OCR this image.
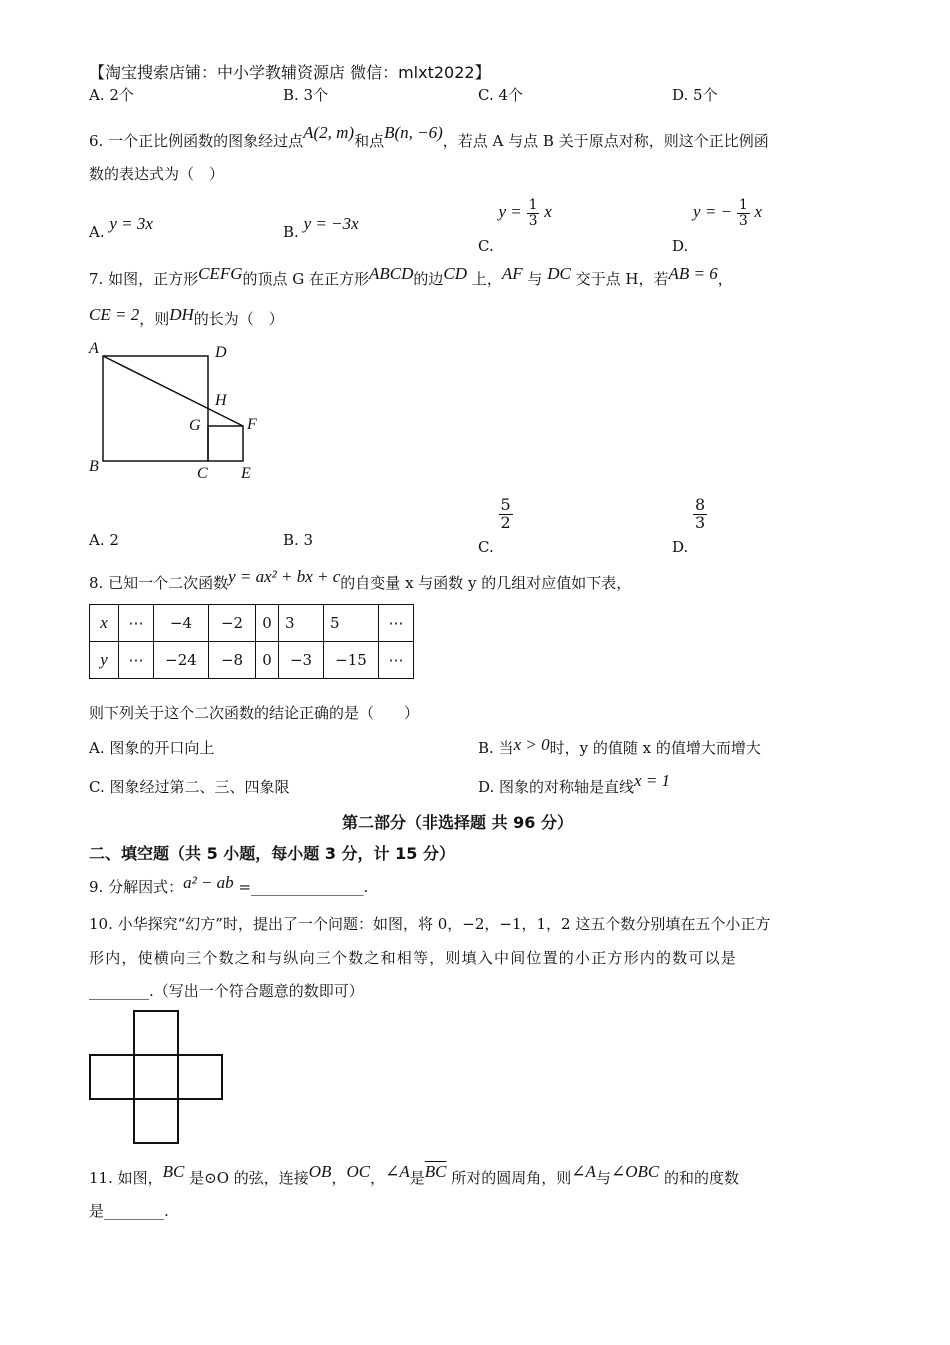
【淘宝搜索店铺：中小学教辅资源店 微信：mlxt2022】
A. 2个	B. 3个	C. 4个	D. 5个
6. 一个正比例函数的图象经过点A(2, m)和点B(n, −6)，若点 A 与点 B 关于原点对称，则这个正比例函
数的表达式为（　）
A. y = 3x	B. y = −3x
C. $y = \frac{1}{3}$ x
D. y = − $\frac{1}{3}$ x
7. 如图，正方形CEFG的顶点 G 在正方形ABCD的边CD 上，AF 与 DC 交于点 H，若AB = 6，
CE = 2，则DH的长为（　）
A	D
H
G	F
B	C E
A. 2	B. 3	C.
$\frac{5}{2}$
D.
$\frac{8}{3}$
8. 已知一个二次函数y = ax² + bx + c的自变量 x 与函数 y 的几组对应值如下表，
x	⋯	−4	−2	0	3	5	⋯
y	⋯	−24	−8	0	−3	−15	⋯
则下列关于这个二次函数的结论正确的是（　　）
A. 图象的开口向上	B. 当x > 0时，y 的值随 x 的值增大而增大
C. 图象经过第二、三、四象限	D. 图象的对称轴是直线x = 1
第二部分（非选择题 共 96 分）
二、填空题（共 5 小题，每小题 3 分，计 15 分）
9. 分解因式：a² − ab =_______________.
10. 小华探究“幻方”时，提出了一个问题：如图，将 0，−2，−1，1，2 这五个数分别填在五个小正方
形内，使横向三个数之和与纵向三个数之和相等，则填入中间位置的小正方形内的数可以是
________.（写出一个符合题意的数即可）
11. 如图，BC 是⊙O 的弦，连接OB，OC，∠A是$\overline{BC}$ 所对的圆周角，则∠A与∠OBC 的和的度数
是________.
